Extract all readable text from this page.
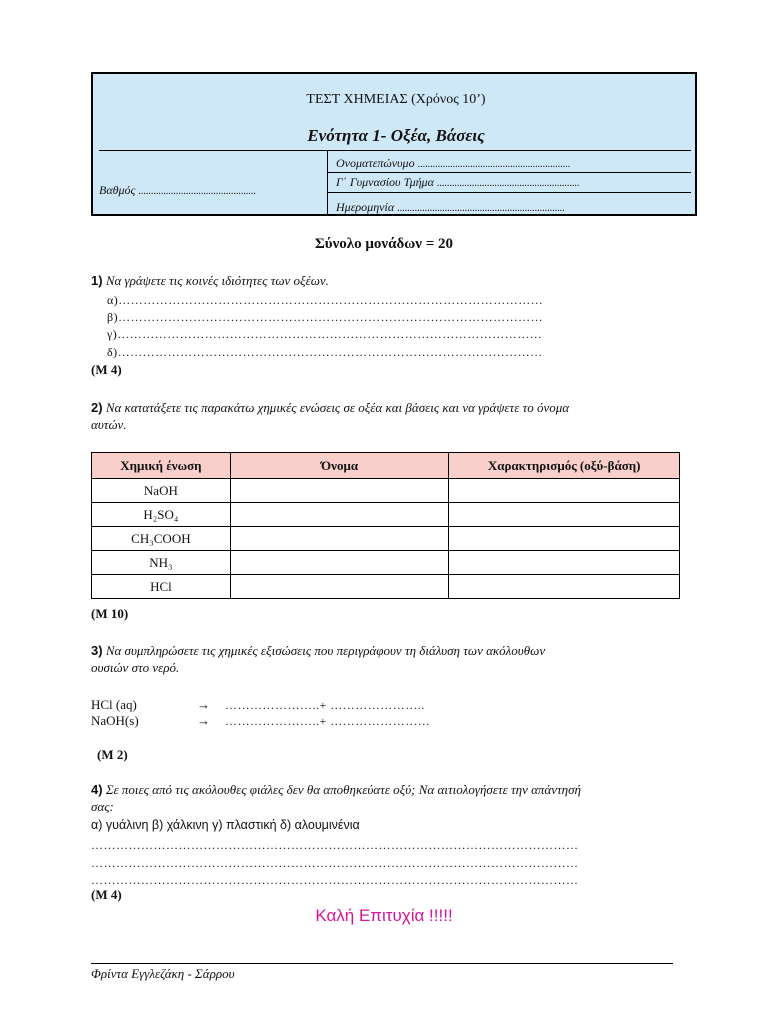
ΤΕΣΤ ΧΗΜΕΙΑΣ (Χρόνος 10’)
Ενότητα 1- Οξέα, Βάσεις
Βαθμός ...............................................
Ονοματεπώνυμο .............................................................
Γ΄ Γυμνασίου Τμήμα .........................................................
Ημερομηνία ...................................................................
Σύνολο μονάδων = 20
1) Να γράψετε τις κοινές ιδιότητες των οξέων.
α)…………………………………………………………………………………………
β)…………………………………………………………………………………………
γ)…………………………………………………………………………………………
δ)…………………………………………………………………………………………
(Μ 4)
2) Να κατατάξετε τις παρακάτω χημικές ενώσεις σε οξέα και βάσεις και να γράψετε το όνομα
αυτών.
Χημική ένωση	Όνομα	Χαρακτηρισμός (οξύ-βάση)
NaOH		
H₂SO₄		
CH₃COOH		
NH₃		
HCl		
(Μ 10)
3) Να συμπληρώσετε τις χημικές εξισώσεις που περιγράφουν τη διάλυση των ακόλουθων
ουσιών στο νερό.
HCl (aq)	→ …………………..+ …………………..
NaOH(s)	→ …………………..+ ……………………
(Μ 2)
4) Σε ποιες από τις ακόλουθες φιάλες δεν θα αποθηκεύατε οξύ; Να αιτιολογήσετε την απάντησή
σας:
α) γυάλινη β) χάλκινη γ) πλαστική δ) αλουμινένια
………………………………………………………………………………………………………
………………………………………………………………………………………………………
………………………………………………………………………………………………………
(Μ 4)
Καλή Επιτυχία !!!!!
Φρίντα Εγγλεζάκη - Σάρρου
